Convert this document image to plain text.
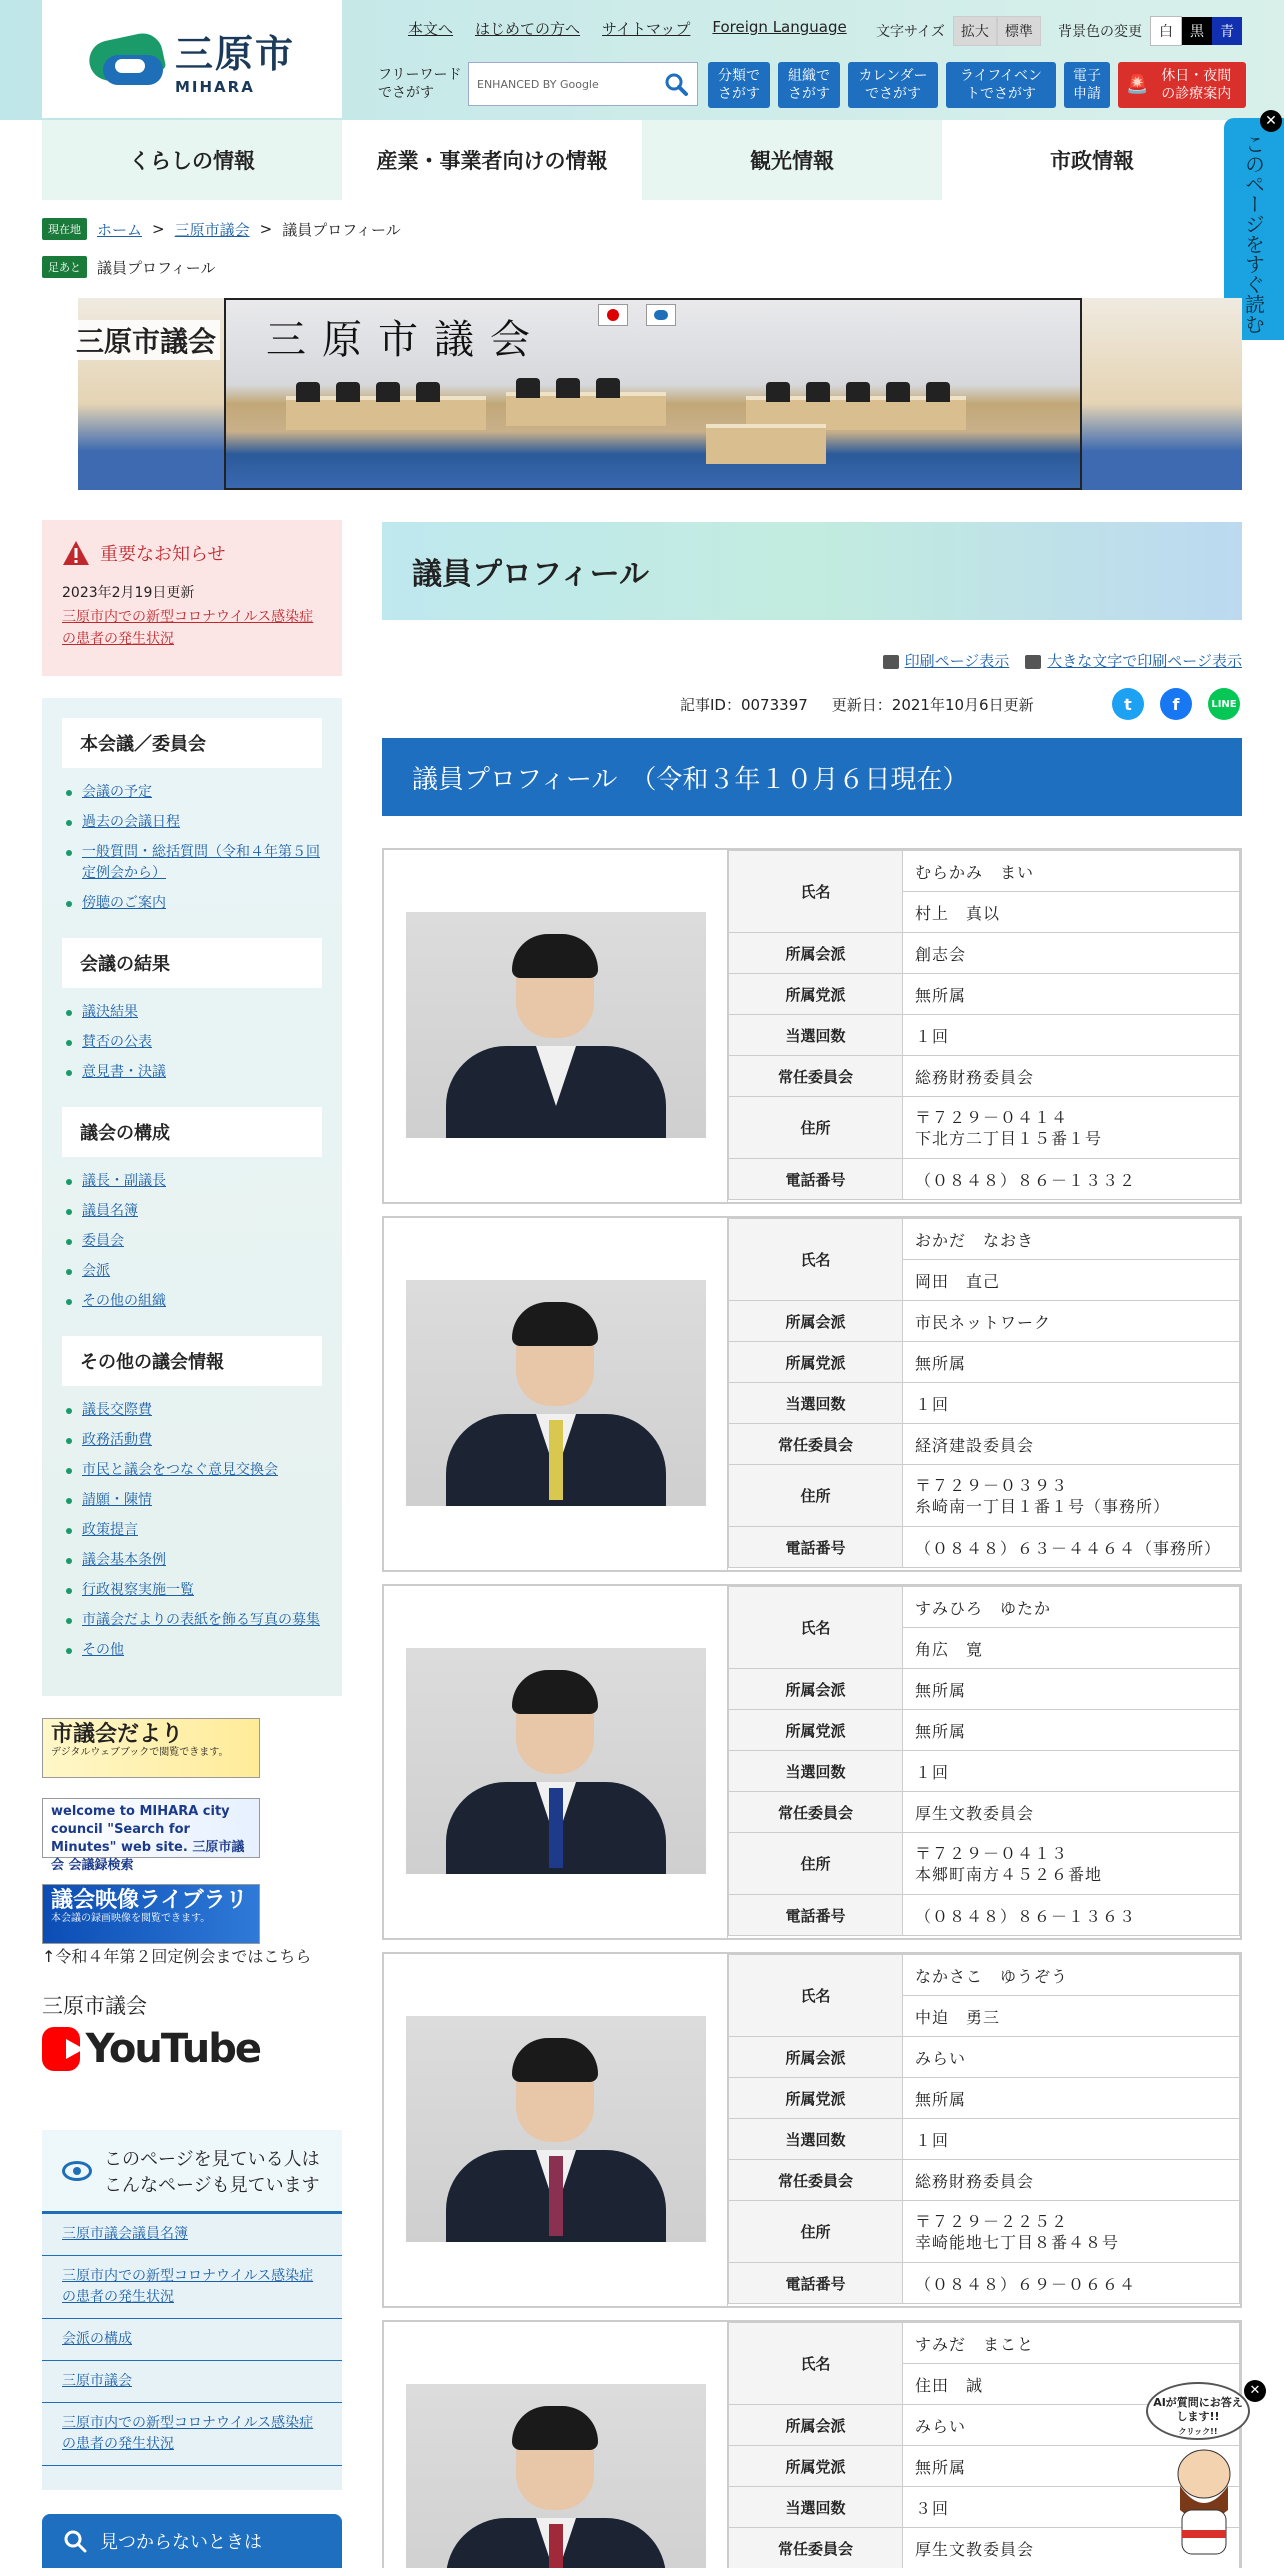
三原市
MIHARA
本文へ はじめての方へ サイトマップ Foreign Language 文字サイズ	拡大	標準	背景色の変更	白	黒	青
フリーワードでさがす
ENHANCED BY Google	分類でさがす
組織でさがす
カレンダーでさがす
ライフイベントでさがす
電子申請	🚨 休日・夜間の診療案内
くらしの情報	産業・事業者向けの情報	観光情報	市政情報	このページをすぐ読む
✕
現在地	ホーム > 三原市議会 > 議員プロフィール
足あと	議員プロフィール
三原市議会 三原市議会
重要なお知らせ
2023年2月19日更新
三原市内での新型コロナウイルス感染症の患者の発生状況
本会議／委員会
会議の予定
過去の会議日程
一般質問・総括質問（令和４年第５回定例会から）
傍聴のご案内
会議の結果
議決結果
賛否の公表
意見書・決議
議会の構成
議長・副議長
議員名簿
委員会
会派
その他の組織
その他の議会情報
議長交際費
政務活動費
市民と議会をつなぐ意見交換会
請願・陳情
政策提言
議会基本条例
行政視察実施一覧
市議会だよりの表紙を飾る写真の募集
その他
市議会だより
デジタルウェブブックで閲覧できます。
welcome to MIHARA city council "Search for Minutes" web site. 三原市議会 会議録検索
議会映像ライブラリ
本会議の録画映像を閲覧できます。
↑令和４年第２回定例会まではこちら
三原市議会
YouTube
このページを見ている人はこんなページも見ています
三原市議会議員名簿
三原市内での新型コロナウイルス感染症の患者の発生状況
会派の構成
三原市議会
三原市内での新型コロナウイルス感染症の患者の発生状況
見つからないときは
議員プロフィール
印刷ページ表示	大きな文字で印刷ページ表示
記事ID：0073397 更新日：2021年10月6日更新	t	f	LINE
議員プロフィール　（令和３年１０月６日現在）
氏名	むらかみ　まい
	村上　真以
所属会派	創志会
所属党派	無所属
当選回数	１回
常任委員会	総務財務委員会
住所	〒７２９－０４１４
下北方二丁目１５番１号
電話番号	（０８４８）８６－１３３２
氏名	おかだ　なおき
	岡田　直己
所属会派	市民ネットワーク
所属党派	無所属
当選回数	１回
常任委員会	経済建設委員会
住所	〒７２９－０３９３
糸崎南一丁目１番１号（事務所）
電話番号	（０８４８）６３－４４６４（事務所）
氏名	すみひろ　ゆたか
	角広　寛
所属会派	無所属
所属党派	無所属
当選回数	１回
常任委員会	厚生文教委員会
住所	〒７２９－０４１３
本郷町南方４５２６番地
電話番号	（０８４８）８６－１３６３
氏名	なかさこ　ゆうぞう
	中迫　勇三
所属会派	みらい
所属党派	無所属
当選回数	１回
常任委員会	総務財務委員会
住所	〒７２９－２２５２
幸崎能地七丁目８番４８号
電話番号	（０８４８）６９－０６６４
氏名	すみだ　まこと
	住田　誠
所属会派	みらい
所属党派	無所属
当選回数	３回
常任委員会	厚生文教委員会
AIが質問にお答えします!!
クリック!!
✕
